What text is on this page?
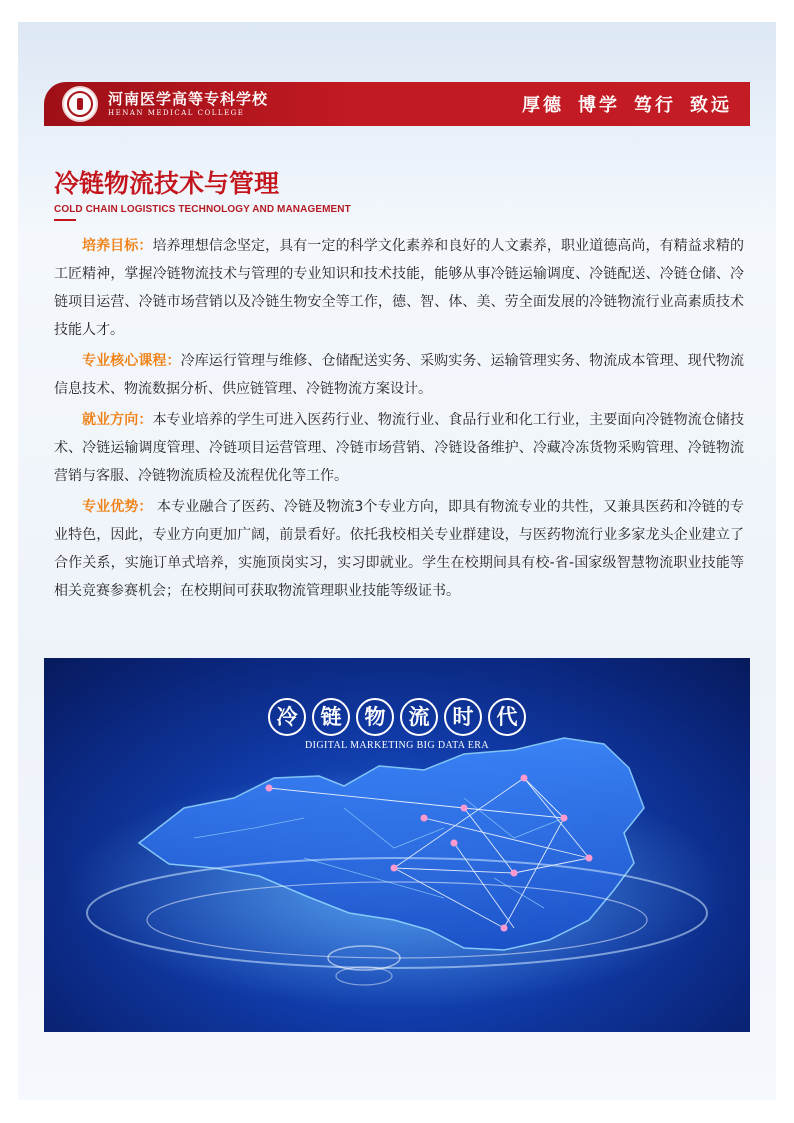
河南医学高等专科学校
HENAN MEDICAL COLLEGE	厚德 博学 笃行 致远
冷链物流技术与管理
COLD CHAIN LOGISTICS TECHNOLOGY AND MANAGEMENT

培养目标：培养理想信念坚定，具有一定的科学文化素养和良好的人文素养，职业道德高尚，有精益求精的工匠精神，掌握冷链物流技术与管理的专业知识和技术技能，能够从事冷链运输调度、冷链配送、冷链仓储、冷链项目运营、冷链市场营销以及冷链生物安全等工作，德、智、体、美、劳全面发展的冷链物流行业高素质技术技能人才。

专业核心课程：冷库运行管理与维修、仓储配送实务、采购实务、运输管理实务、物流成本管理、现代物流信息技术、物流数据分析、供应链管理、冷链物流方案设计。

就业方向：本专业培养的学生可进入医药行业、物流行业、食品行业和化工行业，主要面向冷链物流仓储技术、冷链运输调度管理、冷链项目运营管理、冷链市场营销、冷链设备维护、冷藏冷冻货物采购管理、冷链物流营销与客服、冷链物流质检及流程优化等工作。

专业优势： 本专业融合了医药、冷链及物流3个专业方向，即具有物流专业的共性，又兼具医药和冷链的专业特色，因此，专业方向更加广阔，前景看好。依托我校相关专业群建设，与医药物流行业多家龙头企业建立了合作关系，实施订单式培养，实施顶岗实习，实习即就业。学生在校期间具有校-省-国家级智慧物流职业技能等相关竞赛参赛机会；在校期间可获取物流管理职业技能等级证书。

冷	链	物	流	时	代
DIGITAL MARKETING BIG DATA ERA
